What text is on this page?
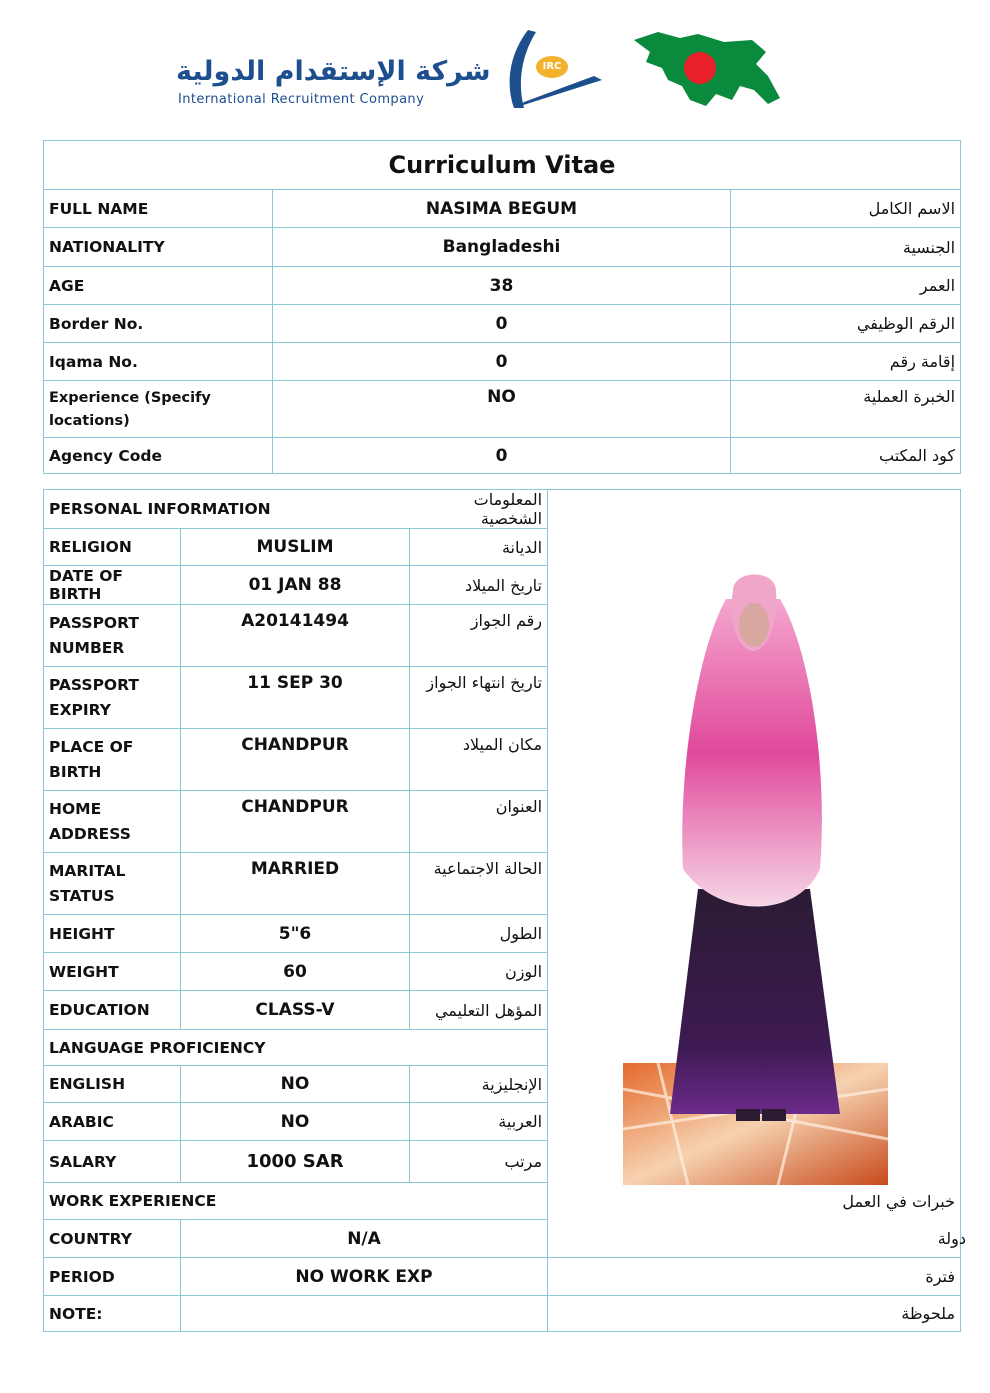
شركة الإستقدام الدولية
International Recruitment Company
IRC
Curriculum Vitae		
FULL NAME	NASIMA BEGUM	الاسم الكامل
NATIONALITY	Bangladeshi	الجنسية
AGE	38	العمر
Border No.	0	الرقم الوظيفي
Iqama No.	0	إقامة رقم
Experience (Specify locations)	NO	الخبرة العملية
Agency Code	0	كود المكتب
PERSONAL INFORMATION		المعلومات الشخصية	

RELIGION	MUSLIM	الديانة		
DATE OF BIRTH	01 JAN 88	تاريخ الميلاد		
PASSPORT NUMBER	A20141494	رقم الجواز		
PASSPORT EXPIRY	11 SEP 30	تاريخ انتهاء الجواز		
PLACE OF BIRTH	CHANDPUR	مكان الميلاد		
HOME ADDRESS	CHANDPUR	العنوان		
MARITAL STATUS	MARRIED	الحالة الاجتماعية		
HEIGHT	5"6	الطول		
WEIGHT	60	الوزن		
EDUCATION	CLASS-V	المؤهل التعليمي		
LANGUAGE PROFICIENCY				
ENGLISH	NO	الإنجليزية		
ARABIC	NO	العربية		
SALARY	1000 SAR	مرتب		
WORK EXPERIENCE		خبرات في العمل		
COUNTRY	N/A			دولة
PERIOD	NO WORK EXP		فترة	
NOTE:			ملحوظة	
